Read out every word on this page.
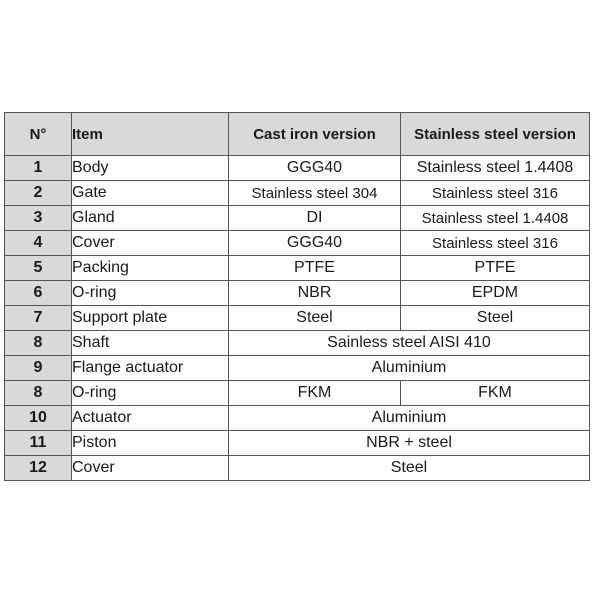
N°	Item	Cast iron version	Stainless steel version
1	Body	GGG40	Stainless steel 1.4408
2	Gate	Stainless steel 304	Stainless steel 316
3	Gland	DI	Stainless steel 1.4408
4	Cover	GGG40	Stainless steel 316
5	Packing	PTFE	PTFE
6	O-ring	NBR	EPDM
7	Support plate	Steel	Steel
8	Shaft	Sainless steel AISI 410	
9	Flange actuator	Aluminium	
8	O-ring	FKM	FKM
10	Actuator	Aluminium	
11	Piston	NBR + steel	
12	Cover	Steel	
